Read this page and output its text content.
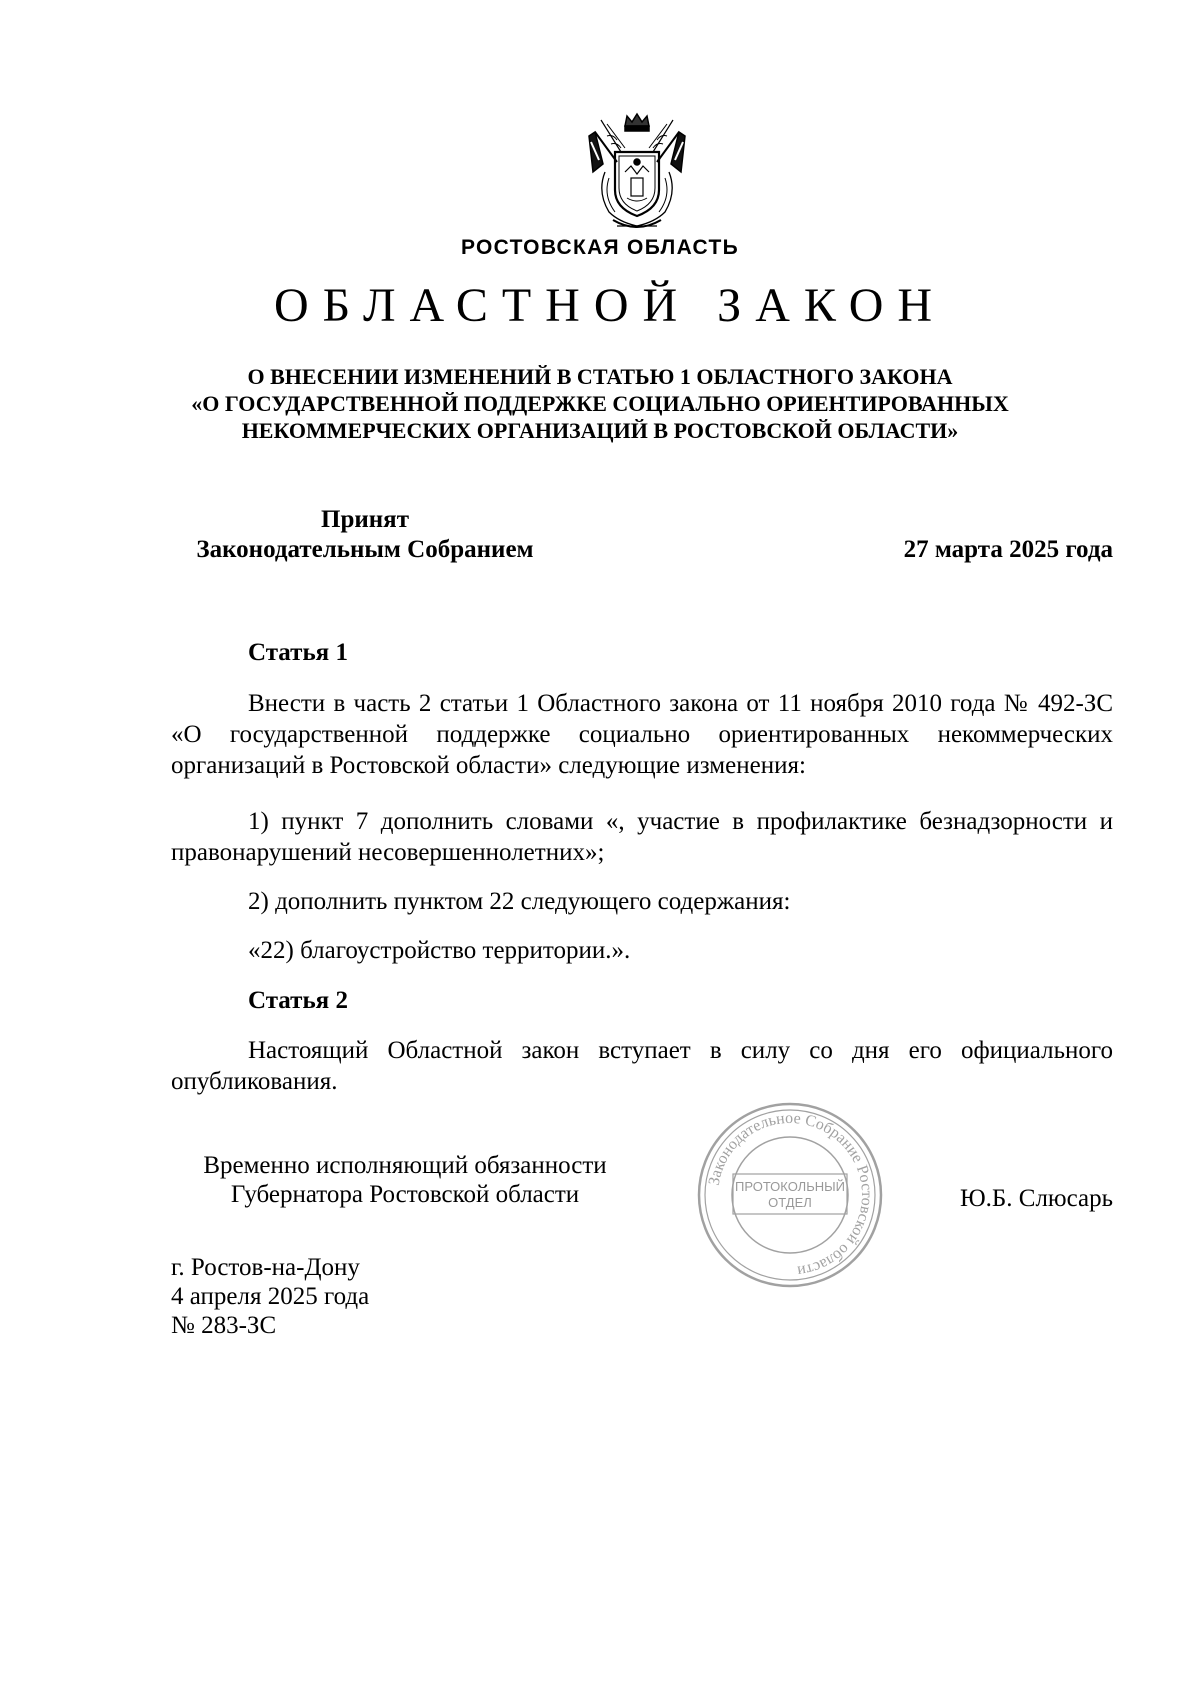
РОСТОВСКАЯ ОБЛАСТЬ
ОБЛАСТНОЙ ЗАКОН
О ВНЕСЕНИИ ИЗМЕНЕНИЙ В СТАТЬЮ 1 ОБЛАСТНОГО ЗАКОНА
«О ГОСУДАРСТВЕННОЙ ПОДДЕРЖКЕ СОЦИАЛЬНО ОРИЕНТИРОВАННЫХ
НЕКОММЕРЧЕСКИХ ОРГАНИЗАЦИЙ В РОСТОВСКОЙ ОБЛАСТИ»
Принят
Законодательным Собранием	27 марта 2025 года
Статья 1
Внести в часть 2 статьи 1 Областного закона от 11 ноября 2010 года № 492-ЗС «О государственной поддержке социально ориентированных некоммерческих организаций в Ростовской области» следующие изменения:
1) пункт 7 дополнить словами «, участие в профилактике безнадзорности и правонарушений несовершеннолетних»;
2) дополнить пунктом 22 следующего содержания:
«22) благоустройство территории.».
Статья 2
Настоящий Областной закон вступает в силу со дня его официального опубликования.
Временно исполняющий обязанности
Губернатора Ростовской области	Ю.Б. Слюсарь
Законодательное Собрание Ростовской области
ПРОТОКОЛЬНЫЙ
ОТДЕЛ
г. Ростов-на-Дону
4 апреля 2025 года
№ 283-ЗС
